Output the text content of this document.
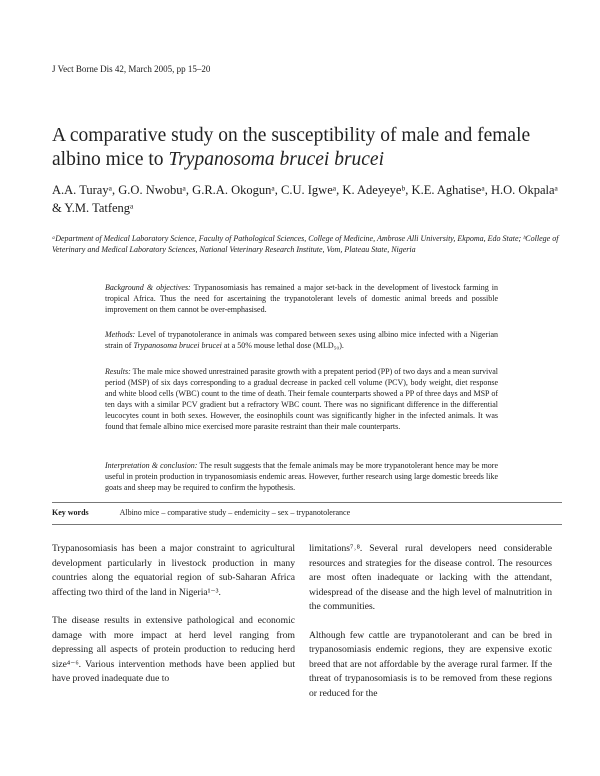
J Vect Borne Dis 42, March 2005, pp 15–20
A comparative study on the susceptibility of male and female albino mice to Trypanosoma brucei brucei
A.A. Turayᵃ, G.O. Nwobuᵃ, G.R.A. Okogunᵃ, C.U. Igweᵃ, K. Adeyeyeᵇ, K.E. Aghatiseᵃ, H.O. Okpalaᵃ & Y.M. Tatfengᵃ
ᵃDepartment of Medical Laboratory Science, Faculty of Pathological Sciences, College of Medicine, Ambrose Alli University, Ekpoma, Edo State; ᵇCollege of Veterinary and Medical Laboratory Sciences, National Veterinary Research Institute, Vom, Plateau State, Nigeria
Background & objectives: Trypanosomiasis has remained a major set-back in the development of livestock farming in tropical Africa. Thus the need for ascertaining the trypanotolerant levels of domestic animal breeds and possible improvement on them cannot be over-emphasised.
Methods: Level of trypanotolerance in animals was compared between sexes using albino mice infected with a Nigerian strain of Trypanosoma brucei brucei at a 50% mouse lethal dose (MLD₅₀).
Results: The male mice showed unrestrained parasite growth with a prepatent period (PP) of two days and a mean survival period (MSP) of six days corresponding to a gradual decrease in packed cell volume (PCV), body weight, diet response and white blood cells (WBC) count to the time of death. Their female counterparts showed a PP of three days and MSP of ten days with a similar PCV gradient but a refractory WBC count. There was no significant difference in the differential leucocytes count in both sexes. However, the eosinophils count was significantly higher in the infected animals. It was found that female albino mice exercised more parasite restraint than their male counterparts.
Interpretation & conclusion: The result suggests that the female animals may be more trypanotolerant hence may be more useful in protein production in trypanosomiasis endemic areas. However, further research using large domestic breeds like goats and sheep may be required to confirm the hypothesis.
Key words	Albino mice – comparative study – endemicity – sex – trypanotolerance

Trypanosomiasis has been a major constraint to agricultural development particularly in livestock production in many countries along the equatorial region of sub-Saharan Africa affecting two third of the land in Nigeria¹⁻³.

The disease results in extensive pathological and economic damage with more impact at herd level ranging from depressing all aspects of protein production to reducing herd size⁴⁻⁶. Various intervention methods have been applied but have proved inadequate due to

limitations⁷˒⁸. Several rural developers need considerable resources and strategies for the disease control. The resources are most often inadequate or lacking with the attendant, widespread of the disease and the high level of malnutrition in the communities.

Although few cattle are trypanotolerant and can be bred in trypanosomiasis endemic regions, they are expensive exotic breed that are not affordable by the average rural farmer. If the threat of trypanosomiasis is to be removed from these regions or reduced for the
